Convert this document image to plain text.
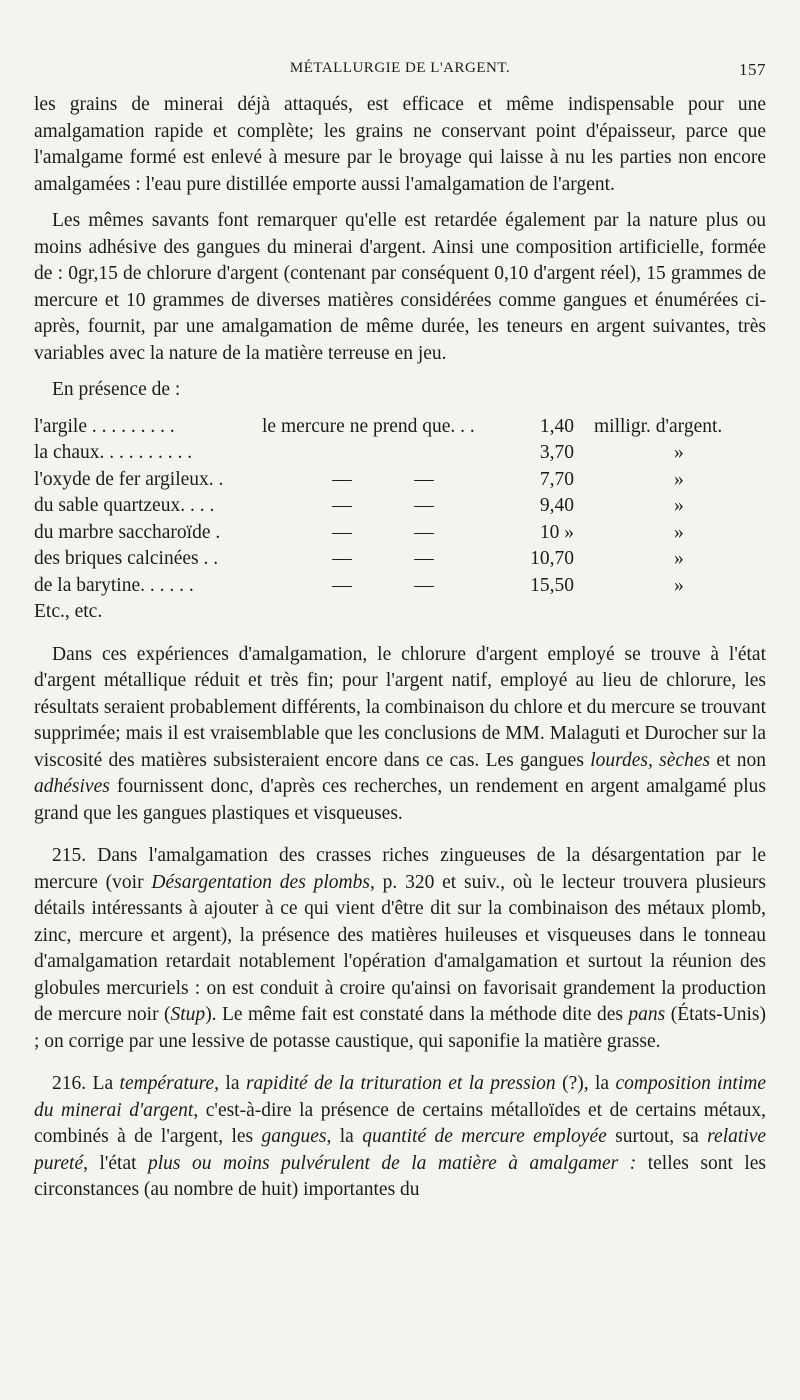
MÉTALLURGIE DE L'ARGENT.	157

les grains de minerai déjà attaqués, est efficace et même indispensable pour une amalgamation rapide et complète; les grains ne conservant point d'épaisseur, parce que l'amalgame formé est enlevé à mesure par le broyage qui laisse à nu les parties non encore amalgamées : l'eau pure distillée emporte aussi l'amalgamation de l'argent.

Les mêmes savants font remarquer qu'elle est retardée également par la nature plus ou moins adhésive des gangues du minerai d'argent. Ainsi une composition artificielle, formée de : 0gr,15 de chlorure d'argent (contenant par conséquent 0,10 d'argent réel), 15 grammes de mercure et 10 grammes de diverses matières considérées comme gangues et énumérées ci-après, fournit, par une amalgamation de même durée, les teneurs en argent suivantes, très variables avec la nature de la matière terreuse en jeu.

En présence de :

l'argile . . . . . . . . .	le mercure ne prend que. . .	1,40 milligr. d'argent.
la chaux. . . . . . . . . .	3,70	»
l'oxyde de fer argileux. .	—	—	7,70	»
du sable quartzeux. . . .	—	—	9,40	»
du marbre saccharoïde .	—	—	10 »	»
des briques calcinées . .	—	—	10,70	»
de la barytine. . . . . .	—	—	15,50	»
Etc., etc.

Dans ces expériences d'amalgamation, le chlorure d'argent employé se trouve à l'état d'argent métallique réduit et très fin; pour l'argent natif, employé au lieu de chlorure, les résultats seraient probablement différents, la combinaison du chlore et du mercure se trouvant supprimée; mais il est vraisemblable que les conclusions de MM. Malaguti et Durocher sur la viscosité des matières subsisteraient encore dans ce cas. Les gangues lourdes, sèches et non adhésives fournissent donc, d'après ces recherches, un rendement en argent amalgamé plus grand que les gangues plastiques et visqueuses.

215. Dans l'amalgamation des crasses riches zingueuses de la désargentation par le mercure (voir Désargentation des plombs, p. 320 et suiv., où le lecteur trouvera plusieurs détails intéressants à ajouter à ce qui vient d'être dit sur la combinaison des métaux plomb, zinc, mercure et argent), la présence des matières huileuses et visqueuses dans le tonneau d'amalgamation retardait notablement l'opération d'amalgamation et surtout la réunion des globules mercuriels : on est conduit à croire qu'ainsi on favorisait grandement la production de mercure noir (Stup). Le même fait est constaté dans la méthode dite des pans (États-Unis) ; on corrige par une lessive de potasse caustique, qui saponifie la matière grasse.

216. La température, la rapidité de la trituration et la pression (?), la composition intime du minerai d'argent, c'est-à-dire la présence de certains métalloïdes et de certains métaux, combinés à de l'argent, les gangues, la quantité de mercure employée surtout, sa relative pureté, l'état plus ou moins pulvérulent de la matière à amalgamer : telles sont les circonstances (au nombre de huit) importantes du
